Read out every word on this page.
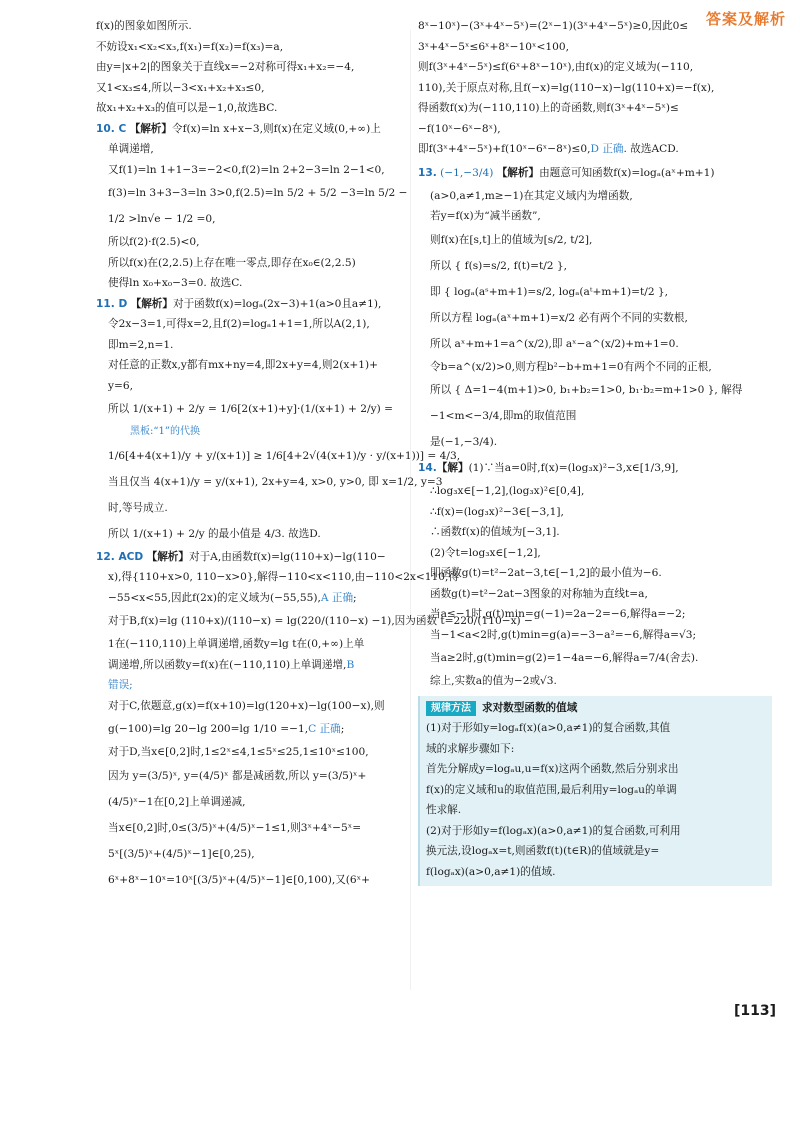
答案及解析
f(x)的图象如图所示.
不妨设x₁<x₂<x₃,f(x₁)=f(x₂)=f(x₃)=a,
由y=|x+2|的图象关于直线x=−2对称可得x₁+x₂=−4,
又1<x₃≤4,所以−3<x₁+x₂+x₃≤0,
故x₁+x₂+x₃的值可以是−1,0,故选BC.
10. C 【解析】令f(x)=ln x+x−3,则f(x)在定义域(0,+∞)上
单调递增,
又f(1)=ln 1+1−3=−2<0,f(2)=ln 2+2−3=ln 2−1<0,
f(3)=ln 3+3−3=ln 3>0,f(2.5)=ln 5/2 + 5/2 −3=ln 5/2 −
1/2 >ln√e − 1/2 =0,
所以f(2)·f(2.5)<0,
所以f(x)在(2,2.5)上存在唯一零点,即存在x₀∈(2,2.5)
使得ln x₀+x₀−3=0. 故选C.
11. D 【解析】对于函数f(x)=logₐ(2x−3)+1(a>0且a≠1),
令2x−3=1,可得x=2,且f(2)=logₐ1+1=1,所以A(2,1),
即m=2,n=1.
对任意的正数x,y都有mx+ny=4,即2x+y=4,则2(x+1)+
y=6,
所以 1/(x+1) + 2/y = 1/6[2(x+1)+y]·(1/(x+1) + 2/y) =
黑板:“1”的代换
1/6[4+4(x+1)/y + y/(x+1)] ≥ 1/6[4+2√(4(x+1)/y · y/(x+1))] = 4/3,
当且仅当 4(x+1)/y = y/(x+1), 2x+y=4, x>0, y>0, 即 x=1/2, y=3 时,等号成立.
所以 1/(x+1) + 2/y 的最小值是 4/3. 故选D.
12. ACD 【解析】对于A,由函数f(x)=lg(110+x)−lg(110−
x),得{110+x>0, 110−x>0},解得−110<x<110,由−110<2x<110,得
−55<x<55,因此f(2x)的定义域为(−55,55),A 正确;
对于B,f(x)=lg (110+x)/(110−x) = lg(220/(110−x) −1),因为函数 t=220/(110−x) −
1在(−110,110)上单调递增,函数y=lg t在(0,+∞)上单
调递增,所以函数y=f(x)在(−110,110)上单调递增,B
错误;
对于C,依题意,g(x)=f(x+10)=lg(120+x)−lg(100−x),则
g(−100)=lg 20−lg 200=lg 1/10 =−1,C 正确;
对于D,当x∈[0,2]时,1≤2ˣ≤4,1≤5ˣ≤25,1≤10ˣ≤100,
因为 y=(3/5)ˣ, y=(4/5)ˣ 都是减函数,所以 y=(3/5)ˣ+
(4/5)ˣ−1在[0,2]上单调递减,
当x∈[0,2]时,0≤(3/5)ˣ+(4/5)ˣ−1≤1,则3ˣ+4ˣ−5ˣ=
5ˣ[(3/5)ˣ+(4/5)ˣ−1]∈[0,25),
6ˣ+8ˣ−10ˣ=10ˣ[(3/5)ˣ+(4/5)ˣ−1]∈[0,100),又(6ˣ+
8ˣ−10ˣ)−(3ˣ+4ˣ−5ˣ)=(2ˣ−1)(3ˣ+4ˣ−5ˣ)≥0,因此0≤
3ˣ+4ˣ−5ˣ≤6ˣ+8ˣ−10ˣ<100,
则f(3ˣ+4ˣ−5ˣ)≤f(6ˣ+8ˣ−10ˣ),由f(x)的定义域为(−110,
110),关于原点对称,且f(−x)=lg(110−x)−lg(110+x)=−f(x),
得函数f(x)为(−110,110)上的奇函数,则f(3ˣ+4ˣ−5ˣ)≤
−f(10ˣ−6ˣ−8ˣ),
即f(3ˣ+4ˣ−5ˣ)+f(10ˣ−6ˣ−8ˣ)≤0,D 正确. 故选ACD.
13. (−1,−3/4) 【解析】由题意可知函数f(x)=logₐ(aˣ+m+1)
(a>0,a≠1,m≥−1)在其定义域内为增函数,
若y=f(x)为“减半函数”,
则f(x)在[s,t]上的值域为[s/2, t/2],
所以 { f(s)=s/2, f(t)=t/2 },
即 { logₐ(aˢ+m+1)=s/2, logₐ(aᵗ+m+1)=t/2 },
所以方程 logₐ(aˣ+m+1)=x/2 必有两个不同的实数根,
所以 aˣ+m+1=a^(x/2),即 aˣ−a^(x/2)+m+1=0.
令b=a^(x/2)>0,则方程b²−b+m+1=0有两个不同的正根,
所以 { Δ=1−4(m+1)>0, b₁+b₂=1>0, b₁·b₂=m+1>0 }, 解得−1<m<−3/4,即m的取值范围
是(−1,−3/4).
14.【解】(1)∵当a=0时,f(x)=(log₃x)²−3,x∈[1/3,9],
∴log₃x∈[−1,2],(log₃x)²∈[0,4],
∴f(x)=(log₃x)²−3∈[−3,1],
∴函数f(x)的值域为[−3,1].
(2)令t=log₃x∈[−1,2],
即函数g(t)=t²−2at−3,t∈[−1,2]的最小值为−6.
函数g(t)=t²−2at−3图象的对称轴为直线t=a,
当a≤−1时,g(t)min=g(−1)=2a−2=−6,解得a=−2;
当−1<a<2时,g(t)min=g(a)=−3−a²=−6,解得a=√3;
当a≥2时,g(t)min=g(2)=1−4a=−6,解得a=7/4(舍去).
综上,实数a的值为−2或√3.
规律方法 求对数型函数的值域
(1)对于形如y=logₐf(x)(a>0,a≠1)的复合函数,其值
域的求解步骤如下:
首先分解成y=logₐu,u=f(x)这两个函数,然后分别求出
f(x)的定义域和u的取值范围,最后利用y=logₐu的单调
性求解.
(2)对于形如y=f(logₐx)(a>0,a≠1)的复合函数,可利用
换元法,设logₐx=t,则函数f(t)(t∈R)的值域就是y=
f(logₐx)(a>0,a≠1)的值域.
[113]
